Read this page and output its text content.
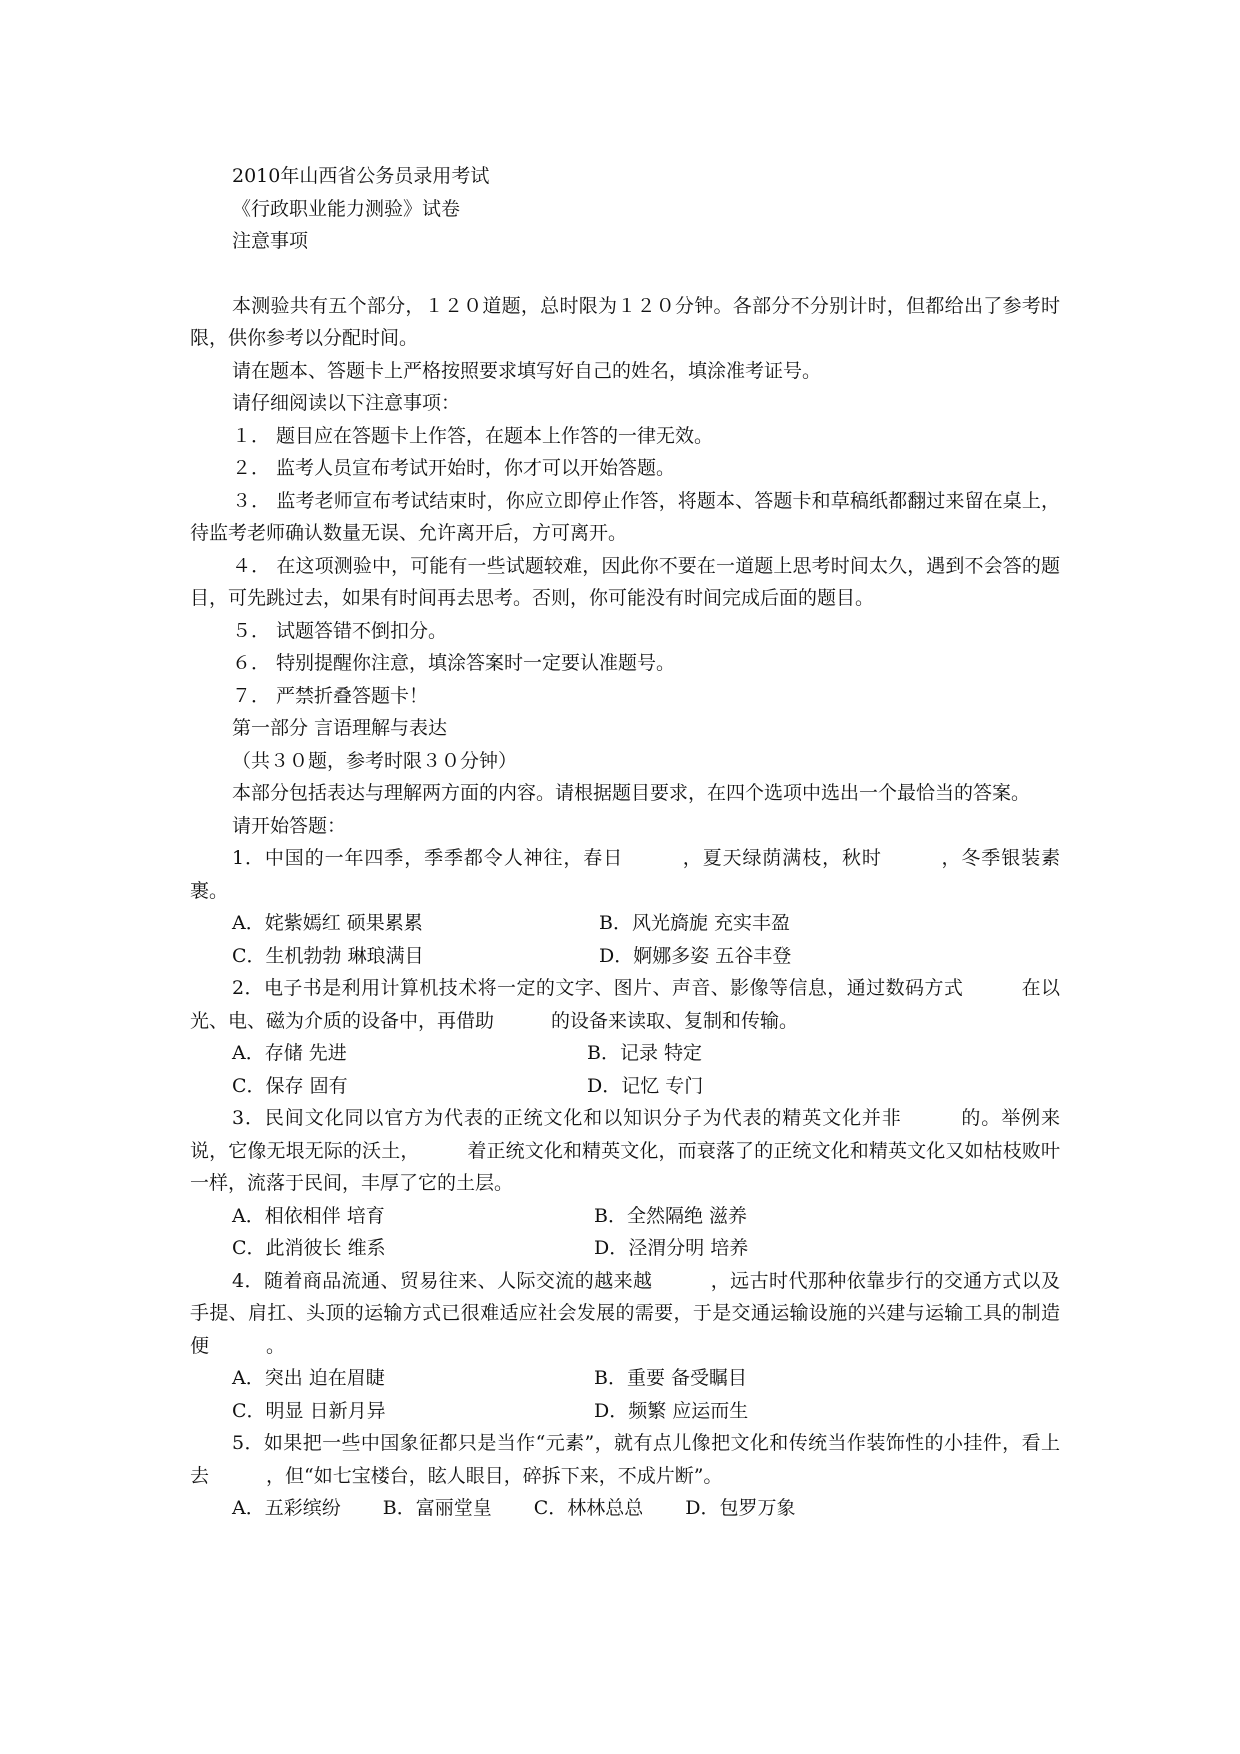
2010年山西省公务员录用考试
《行政职业能力测验》试卷
注意事项
本测验共有五个部分，１２０道题，总时限为１２０分钟。各部分不分别计时，但都给出了参考时限，供你参考以分配时间。
请在题本、答题卡上严格按照要求填写好自己的姓名，填涂准考证号。
请仔细阅读以下注意事项：
１． 题目应在答题卡上作答，在题本上作答的一律无效。
２． 监考人员宣布考试开始时，你才可以开始答题。
３． 监考老师宣布考试结束时，你应立即停止作答，将题本、答题卡和草稿纸都翻过来留在桌上，待监考老师确认数量无误、允许离开后，方可离开。
４． 在这项测验中，可能有一些试题较难，因此你不要在一道题上思考时间太久，遇到不会答的题目，可先跳过去，如果有时间再去思考。否则，你可能没有时间完成后面的题目。
５． 试题答错不倒扣分。
６． 特别提醒你注意，填涂答案时一定要认准题号。
７． 严禁折叠答题卡！
第一部分 言语理解与表达
（共３０题，参考时限３０分钟）
本部分包括表达与理解两方面的内容。请根据题目要求，在四个选项中选出一个最恰当的答案。
请开始答题：
1．中国的一年四季，季季都令人神往，春日　　　，夏天绿荫满枝，秋时　　　，冬季银装素裹。
A．姹紫嫣红 硕果累累	B．风光旖旎 充实丰盈
C．生机勃勃 琳琅满目	D．婀娜多姿 五谷丰登
2．电子书是利用计算机技术将一定的文字、图片、声音、影像等信息，通过数码方式　　　在以光、电、磁为介质的设备中，再借助　　　的设备来读取、复制和传输。
A．存储 先进	B．记录 特定
C．保存 固有	D．记忆 专门
3．民间文化同以官方为代表的正统文化和以知识分子为代表的精英文化并非　　　的。举例来说，它像无垠无际的沃土，　　　着正统文化和精英文化，而衰落了的正统文化和精英文化又如枯枝败叶一样，流落于民间，丰厚了它的土层。
A．相依相伴 培育	B．全然隔绝 滋养
C．此消彼长 维系	D．泾渭分明 培养
4．随着商品流通、贸易往来、人际交流的越来越　　　，远古时代那种依靠步行的交通方式以及手提、肩扛、头顶的运输方式已很难适应社会发展的需要，于是交通运输设施的兴建与运输工具的制造便　　　。
A．突出 迫在眉睫	B．重要 备受瞩目
C．明显 日新月异	D．频繁 应运而生
5．如果把一些中国象征都只是当作“元素”，就有点儿像把文化和传统当作装饰性的小挂件，看上去　　　，但“如七宝楼台，眩人眼目，碎拆下来，不成片断”。
A．五彩缤纷 B．富丽堂皇 C．林林总总 D．包罗万象
